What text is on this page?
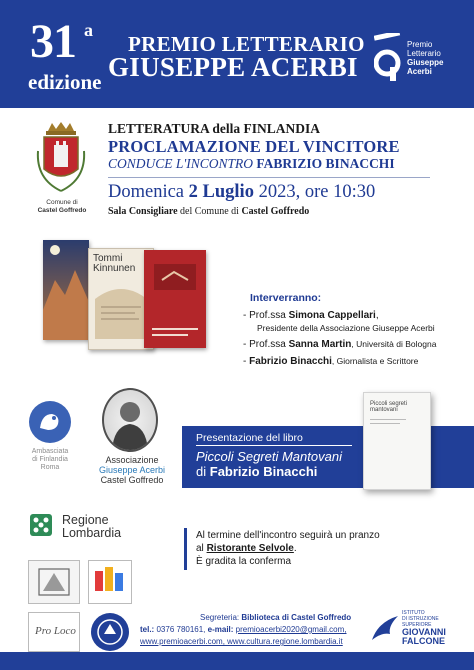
31 a
edizione
PREMIO LETTERARIO
GIUSEPPE ACERBI
Premio
Letterario
Giuseppe
Acerbi
Comune di
Castel Goffredo
LETTERATURA della FINLANDIA
PROCLAMAZIONE DEL VINCITORE
CONDUCE L'INCONTRO FABRIZIO BINACCHI
Domenica 2 Luglio 2023, ore 10:30
Sala Consigliare del Comune di Castel Goffredo
Tommi
Kinnunen
Interverranno:
- Prof.ssa Simona Cappellari,
Presidente della Associazione Giuseppe Acerbi
- Prof.ssa Sanna Martin, Università di Bologna
- Fabrizio Binacchi, Giornalista e Scrittore
Ambasciata
di Finlandia
Roma
Associazione
Giuseppe Acerbi
Castel Goffredo
Presentazione del libro
Piccoli Segreti Mantovani
di Fabrizio Binacchi
Piccoli segreti mantovani
Regione
Lombardia	Al termine dell'incontro seguirà un pranzo
al Ristorante Selvole.
È gradita la conferma
Pro Loco
Segreteria: Biblioteca di Castel Goffredo
tel.: 0376 780161, e-mail: premioacerbi2020@gmail.com,
www.premioacerbi.com, www.cultura.regione.lombardia.it
ISTITUTO
DI ISTRUZIONE
SUPERIORE
GIOVANNI
FALCONE
